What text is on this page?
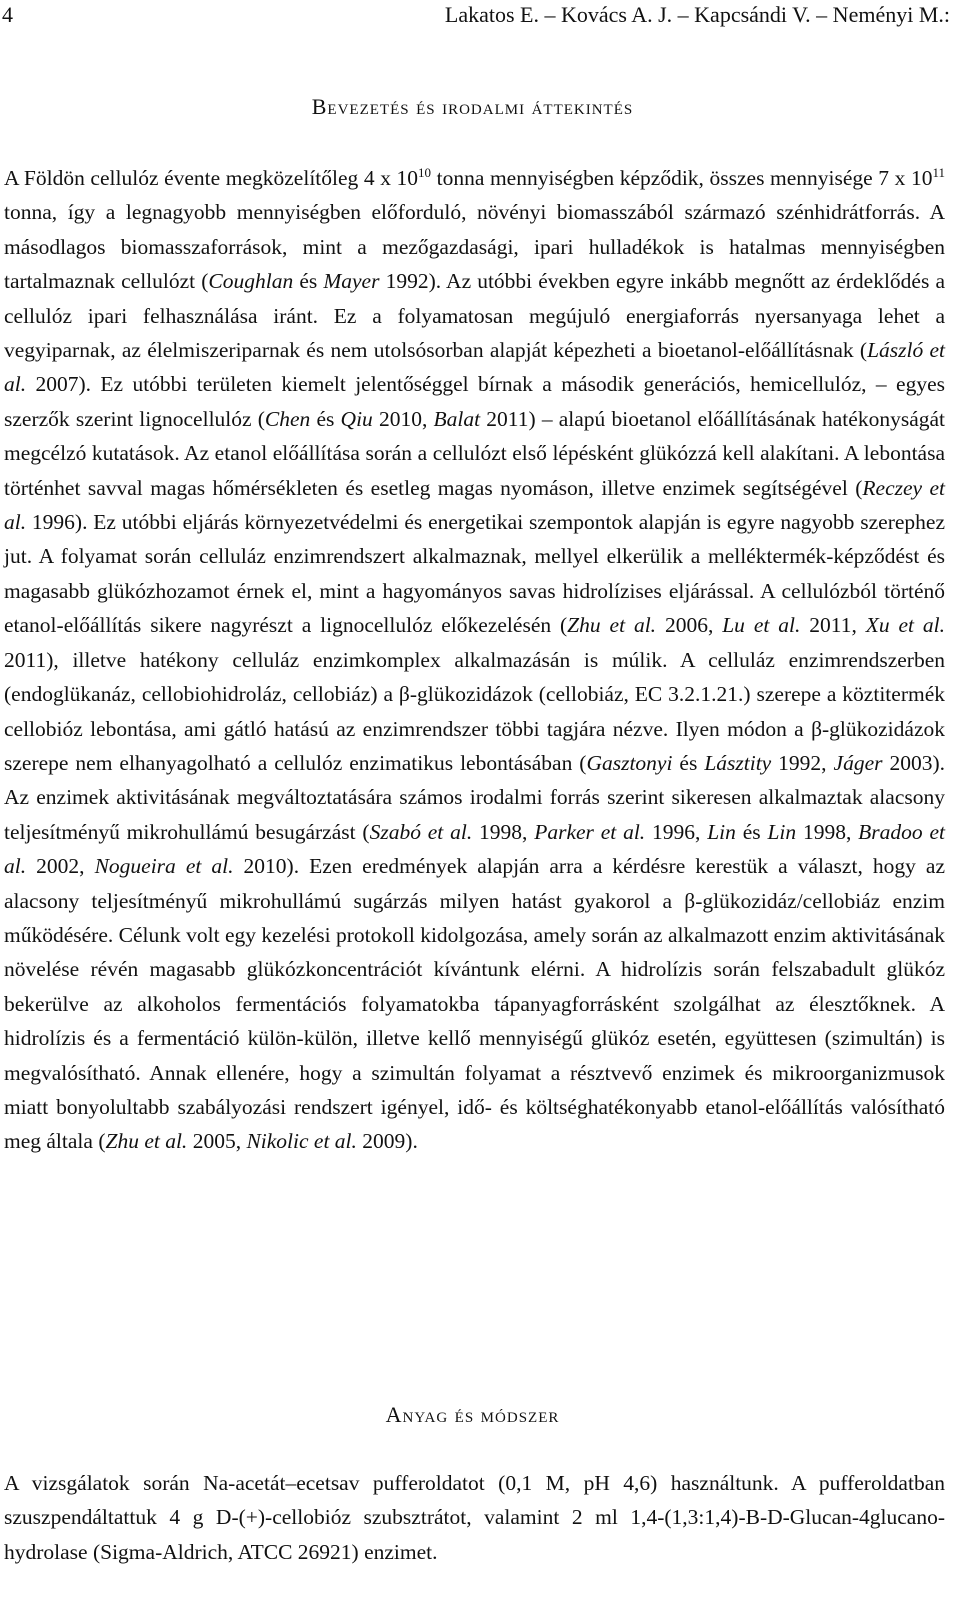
4	Lakatos E. – Kovács A. J. – Kapcsándi V. – Neményi M.:
Bevezetés és irodalmi áttekintés

A Földön cellulóz évente megközelítőleg 4 x $10^{10}$ tonna mennyiségben képződik, összes mennyisége 7 x $10^{11}$ tonna, így a legnagyobb mennyiségben előforduló, növényi biomasszából származó szénhidrátforrás. A másodlagos biomasszaforrások, mint a mezőgazdasági, ipari hulladékok is hatalmas mennyiségben tartalmaznak cellulózt (Coughlan és Mayer 1992). Az utóbbi években egyre inkább megnőtt az érdeklődés a cellulóz ipari felhasználása iránt. Ez a folyamatosan megújuló energiaforrás nyersanyaga lehet a vegyiparnak, az élelmiszeriparnak és nem utolsósorban alapját képezheti a bioetanol-előállításnak (László et al. 2007). Ez utóbbi területen kiemelt jelentőséggel bírnak a második generációs, hemicellulóz, – egyes szerzők szerint lignocellulóz (Chen és Qiu 2010, Balat 2011) – alapú bioetanol előállításának hatékonyságát megcélzó kutatások. Az etanol előállítása során a cellulózt első lépésként glükózzá kell alakítani. A lebontása történhet savval magas hőmérsékleten és esetleg magas nyomáson, illetve enzimek segítségével (Reczey et al. 1996). Ez utóbbi eljárás környezetvédelmi és energetikai szempontok alapján is egyre nagyobb szerephez jut. A folyamat során celluláz enzimrendszert alkalmaznak, mellyel elkerülik a melléktermék-képződést és magasabb glükózhozamot érnek el, mint a hagyományos savas hidrolízises eljárással. A cellulózból történő etanol-előállítás sikere nagyrészt a lignocellulóz előkezelésén (Zhu et al. 2006, Lu et al. 2011, Xu et al. 2011), illetve hatékony celluláz enzimkomplex alkalmazásán is múlik. A celluláz enzimrendszerben (endoglükanáz, cellobiohidroláz, cellobiáz) a β-glükozidázok (cellobiáz, EC 3.2.1.21.) szerepe a köztitermék cellobióz lebontása, ami gátló hatású az enzimrendszer többi tagjára nézve. Ilyen módon a β-glükozidázok szerepe nem elhanyagolható a cellulóz enzimatikus lebontásában (Gasztonyi és Lásztity 1992, Jáger 2003). Az enzimek aktivitásának megváltoztatására számos irodalmi forrás szerint sikeresen alkalmaztak alacsony teljesítményű mikrohullámú besugárzást (Szabó et al. 1998, Parker et al. 1996, Lin és Lin 1998, Bradoo et al. 2002, Nogueira et al. 2010). Ezen eredmények alapján arra a kérdésre kerestük a választ, hogy az alacsony teljesítményű mikrohullámú sugárzás milyen hatást gyakorol a β-glükozidáz/cellobiáz enzim működésére. Célunk volt egy kezelési protokoll kidolgozása, amely során az alkalmazott enzim aktivitásának növelése révén magasabb glükózkoncentrációt kívántunk elérni. A hidrolízis során felszabadult glükóz bekerülve az alkoholos fermentációs folyamatokba tápanyagforrásként szolgálhat az élesztőknek. A hidrolízis és a fermentáció külön-külön, illetve kellő mennyiségű glükóz esetén, együttesen (szimultán) is megvalósítható. Annak ellenére, hogy a szimultán folyamat a résztvevő enzimek és mikroorganizmusok miatt bonyolultabb szabályozási rendszert igényel, idő- és költséghatékonyabb etanol-előállítás valósítható meg általa (Zhu et al. 2005, Nikolic et al. 2009).

Anyag és módszer

A vizsgálatok során Na-acetát–ecetsav pufferoldatot (0,1 M, pH 4,6) használtunk. A pufferoldatban szuszpendáltattuk 4 g D-(+)-cellobióz szubsztrátot, valamint 2 ml 1,4-(1,3:1,4)-B-D-Glucan-4glucano-hydrolase (Sigma-Aldrich, ATCC 26921) enzimet.
